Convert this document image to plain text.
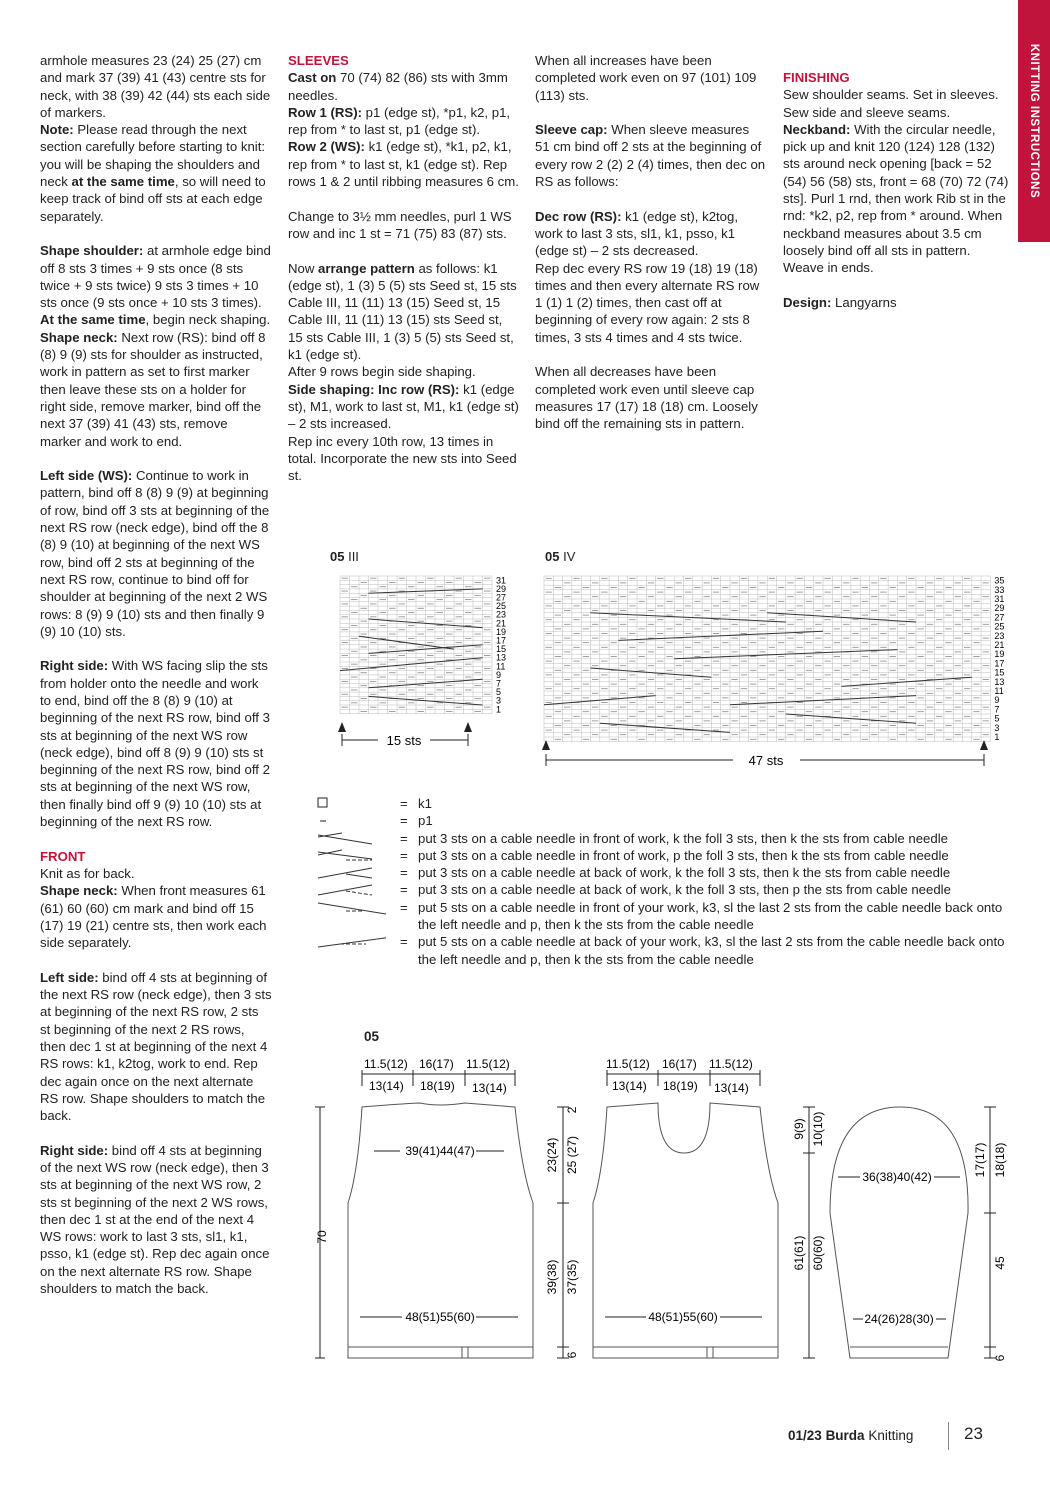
KNITTING INSTRUCTIONS

armhole measures 23 (24) 25 (27) cm and mark 37 (39) 41 (43) centre sts for neck, with 38 (39) 42 (44) sts each side of markers.

Note: Please read through the next section carefully before starting to knit: you will be shaping the shoulders and neck at the same time, so will need to keep track of bind off sts at each edge separately.

Shape shoulder: at armhole edge bind off 8 sts 3 times + 9 sts once (8 sts twice + 9 sts twice) 9 sts 3 times + 10 sts once (9 sts once + 10 sts 3 times).

At the same time, begin neck shaping.

Shape neck: Next row (RS): bind off 8 (8) 9 (9) sts for shoulder as instructed, work in pattern as set to first marker then leave these sts on a holder for right side, remove marker, bind off the next 37 (39) 41 (43) sts, remove marker and work to end.

Left side (WS): Continue to work in pattern, bind off 8 (8) 9 (9) at beginning of row, bind off 3 sts at beginning of the next RS row (neck edge), bind off the 8 (8) 9 (10) at beginning of the next WS row, bind off 2 sts at beginning of the next RS row, continue to bind off for shoulder at beginning of the next 2 WS rows: 8 (9) 9 (10) sts and then finally 9 (9) 10 (10) sts.

Right side: With WS facing slip the sts from holder onto the needle and work to end, bind off the 8 (8) 9 (10) at beginning of the next RS row, bind off 3 sts at beginning of the next WS row (neck edge), bind off 8 (9) 9 (10) sts st beginning of the next RS row, bind off 2 sts at beginning of the next WS row, then finally bind off 9 (9) 10 (10) sts at beginning of the next RS row.

FRONT

Knit as for back.

Shape neck: When front measures 61 (61) 60 (60) cm mark and bind off 15 (17) 19 (21) centre sts, then work each side separately.

Left side: bind off 4 sts at beginning of the next RS row (neck edge), then 3 sts at beginning of the next RS row, 2 sts st beginning of the next 2 RS rows, then dec 1 st at beginning of the next 4 RS rows: k1, k2tog, work to end. Rep dec again once on the next alternate RS row. Shape shoulders to match the back.

Right side: bind off 4 sts at beginning of the next WS row (neck edge), then 3 sts at beginning of the next WS row, 2 sts st beginning of the next 2 WS rows, then dec 1 st at the end of the next 4 WS rows: work to last 3 sts, sl1, k1, psso, k1 (edge st). Rep dec again once on the next alternate RS row. Shape shoulders to match the back.

SLEEVES

Cast on 70 (74) 82 (86) sts with 3mm needles.

Row 1 (RS): p1 (edge st), *p1, k2, p1, rep from * to last st, p1 (edge st).

Row 2 (WS): k1 (edge st), *k1, p2, k1, rep from * to last st, k1 (edge st). Rep rows 1 & 2 until ribbing measures 6 cm.

Change to 3½ mm needles, purl 1 WS row and inc 1 st = 71 (75) 83 (87) sts.

Now arrange pattern as follows: k1 (edge st), 1 (3) 5 (5) sts Seed st, 15 sts Cable III, 11 (11) 13 (15) Seed st, 15 Cable III, 11 (11) 13 (15) sts Seed st, 15 sts Cable III, 1 (3) 5 (5) sts Seed st, k1 (edge st).

After 9 rows begin side shaping.

Side shaping: Inc row (RS): k1 (edge st), M1, work to last st, M1, k1 (edge st) – 2 sts increased.

Rep inc every 10th row, 13 times in total. Incorporate the new sts into Seed st.

When all increases have been completed work even on 97 (101) 109 (113) sts.

Sleeve cap: When sleeve measures 51 cm bind off 2 sts at the beginning of every row 2 (2) 2 (4) times, then dec on RS as follows:

Dec row (RS): k1 (edge st), k2tog, work to last 3 sts, sl1, k1, psso, k1 (edge st) – 2 sts decreased.

Rep dec every RS row 19 (18) 19 (18) times and then every alternate RS row 1 (1) 1 (2) times, then cast off at beginning of every row again: 2 sts 8 times, 3 sts 4 times and 4 sts twice.

When all decreases have been completed work even until sleeve cap measures 17 (17) 18 (18) cm. Loosely bind off the remaining sts in pattern.

FINISHING

Sew shoulder seams. Set in sleeves. Sew side and sleeve seams.

Neckband: With the circular needle, pick up and knit 120 (124) 128 (132) sts around neck opening [back = 52 (54) 56 (58) sts, front = 68 (70) 72 (74) sts]. Purl 1 rnd, then work Rib st in the rnd: *k2, p2, rep from * around. When neckband measures about 3.5 cm loosely bind off all sts in pattern.

Weave in ends.

Design: Langyarns

05 III	05 IV
31
29
27
25
23
21
19
17
15
13
11
9
7
5
3
1
15 sts
35
33
31
29
27
25
23
21
19
17
15
13
11
9
7
5
3
1
47 sts
= k1
= p1
= put 3 sts on a cable needle in front of work, k the foll 3 sts, then k the sts from cable needle
= put 3 sts on a cable needle in front of work, p the foll 3 sts, then k the sts from cable needle
= put 3 sts on a cable needle at back of work, k the foll 3 sts, then k the sts from cable needle
= put 3 sts on a cable needle at back of work, k the foll 3 sts, then p the sts from cable needle
= put 5 sts on a cable needle in front of your work, k3, sl the last 2 sts from the cable needle back onto the left needle and p, then k the sts from the cable needle
= put 5 sts on a cable needle at back of your work, k3, sl the last 2 sts from the cable needle back onto the left needle and p, then k the sts from the cable needle
05
11.5(12) 16(17) 11.5(12)
13(14) 18(19) 13(14)
39(41)44(47)
48(51)55(60)
70
2
23(24) 25 (27)
39(38) 37(35)
6
11.5(12) 16(17) 11.5(12)
13(14) 18(19) 13(14)
48(51)55(60)
9(9) 10(10)
61(61) 60(60)
36(38)40(42)
24(26)28(30)
17(17) 18(18)
45
6
01/23 Burda Knitting	23
